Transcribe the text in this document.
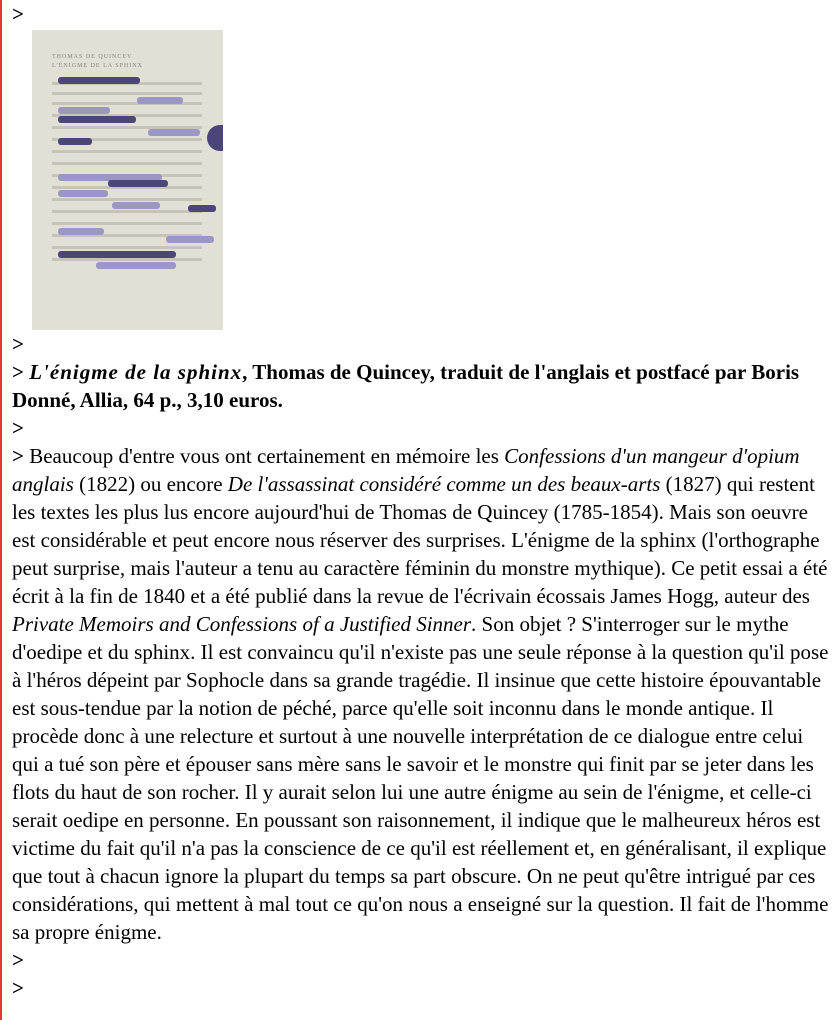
>
THOMAS DE QUINCEY
L'ÉNIGME DE LA SPHINX
>
> L'énigme de la sphinx, Thomas de Quincey, traduit de l'anglais et postfacé par Boris Donné, Allia, 64 p., 3,10 euros.
>
> Beaucoup d'entre vous ont certainement en mémoire les Confessions d'un mangeur d'opium anglais (1822) ou encore De l'assassinat considéré comme un des beaux-arts (1827) qui restent les textes les plus lus encore aujourd'hui de Thomas de Quincey (1785-1854). Mais son oeuvre est considérable et peut encore nous réserver des surprises. L'énigme de la sphinx (l'orthographe peut surprise, mais l'auteur a tenu au caractère féminin du monstre mythique). Ce petit essai a été écrit à la fin de 1840 et a été publié dans la revue de l'écrivain écossais James Hogg, auteur des Private Memoirs and Confessions of a Justified Sinner. Son objet ? S'interroger sur le mythe d'oedipe et du sphinx. Il est convaincu qu'il n'existe pas une seule réponse à la question qu'il pose à l'héros dépeint par Sophocle dans sa grande tragédie. Il insinue que cette histoire épouvantable est sous-tendue par la notion de péché, parce qu'elle soit inconnu dans le monde antique. Il procède donc à une relecture et surtout à une nouvelle interprétation de ce dialogue entre celui qui a tué son père et épouser sans mère sans le savoir et le monstre qui finit par se jeter dans les flots du haut de son rocher. Il y aurait selon lui une autre énigme au sein de l'énigme, et celle-ci serait oedipe en personne. En poussant son raisonnement, il indique que le malheureux héros est victime du fait qu'il n'a pas la conscience de ce qu'il est réellement et, en généralisant, il explique que tout à chacun ignore la plupart du temps sa part obscure. On ne peut qu'être intrigué par ces considérations, qui mettent à mal tout ce qu'on nous a enseigné sur la question. Il fait de l'homme sa propre énigme.
>
>
